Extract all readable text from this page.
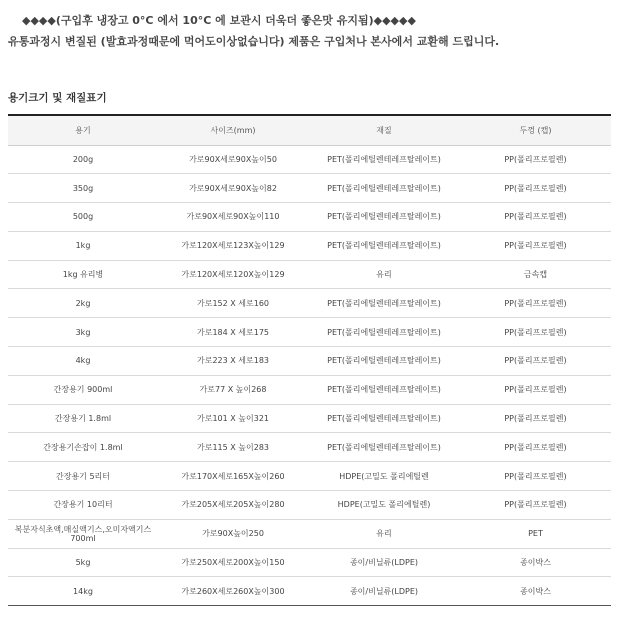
◆◆◆◆(구입후 냉장고 0°C 에서 10°C 에 보관시 더욱더 좋은맛 유지됨)◆◆◆◆◆
유통과정시 변질된 (발효과정때문에 먹어도이상없습니다) 제품은 구입처나 본사에서 교환해 드립니다.
용기크기 및 재질표기
용기	사이즈(mm)	재질	두껑 (캡)
200g	가로90X세로90X높이50	PET(폴리에틸렌테레프탈레이트)	PP(폴리프로필렌)
350g	가로90X세로90X높이82	PET(폴리에틸렌테레프탈레이트)	PP(폴리프로필렌)
500g	가로90X세로90X높이110	PET(폴리에틸렌테레프탈레이트)	PP(폴리프로필렌)
1kg	가로120X세로123X높이129	PET(폴리에틸렌테레프탈레이트)	PP(폴리프로필렌)
1kg 유리병	가로120X세로120X높이129	유리	금속캡
2kg	가로152 X 세로160	PET(폴리에틸렌테레프탈레이트)	PP(폴리프로필렌)
3kg	가로184 X 세로175	PET(폴리에틸렌테레프탈레이트)	PP(폴리프로필렌)
4kg	가로223 X 세로183	PET(폴리에틸렌테레프탈레이트)	PP(폴리프로필렌)
간장용기 900ml	가로77 X 높이268	PET(폴리에틸렌테레프탈레이트)	PP(폴리프로필렌)
간장용기 1.8ml	가로101 X 높이321	PET(폴리에틸렌테레프탈레이트)	PP(폴리프로필렌)
간장용기손잡이 1.8ml	가로115 X 높이283	PET(폴리에틸렌테레프탈레이트)	PP(폴리프로필렌)
간장용기 5리터	가로170X세로165X높이260	HDPE(고밀도 폴리에틸렌	PP(폴리프로필렌)
간장용기 10리터	가로205X세로205X높이280	HDPE(고밀도 폴리에틸렌)	PP(폴리프로필렌)
복분자식초액,매실액기스,오미자액기스 700ml	가로90X높이250	유리	PET
5kg	가로250X세로200X높이150	종이/비닐류(LDPE)	종이박스
14kg	가로260X세로260X높이300	종이/비닐류(LDPE)	종이박스
